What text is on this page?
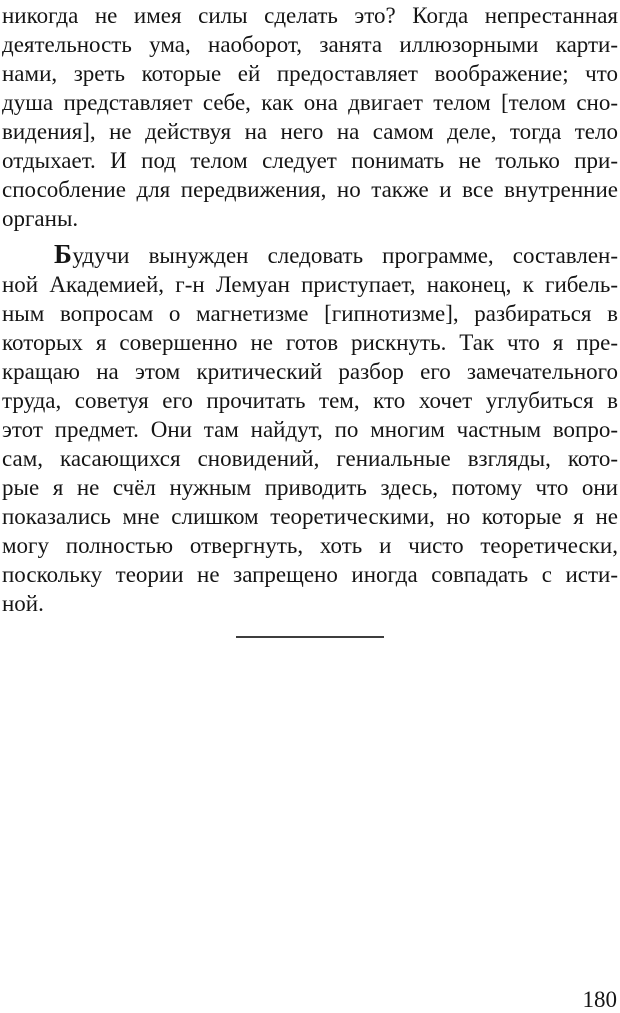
никогда не имея силы сделать это? Когда непрестанная
деятельность ума, наоборот, занята иллюзорными карти-
нами, зреть которые ей предоставляет воображение; что
душа представляет себе, как она двигает телом [телом сно-
видения], не действуя на него на самом деле, тогда тело
отдыхает. И под телом следует понимать не только при-
способление для передвижения, но также и все внутренние
органы.
Будучи вынужден следовать программе, составлен-
ной Академией, г-н Лемуан приступает, наконец, к гибель-
ным вопросам о магнетизме [гипнотизме], разбираться в
которых я совершенно не готов рискнуть. Так что я пре-
кращаю на этом критический разбор его замечательного
труда, советуя его прочитать тем, кто хочет углубиться в
этот предмет. Они там найдут, по многим частным вопро-
сам, касающихся сновидений, гениальные взгляды, кото-
рые я не счёл нужным приводить здесь, потому что они
показались мне слишком теоретическими, но которые я не
могу полностью отвергнуть, хоть и чисто теоретически,
поскольку теории не запрещено иногда совпадать с исти-
ной.
180
